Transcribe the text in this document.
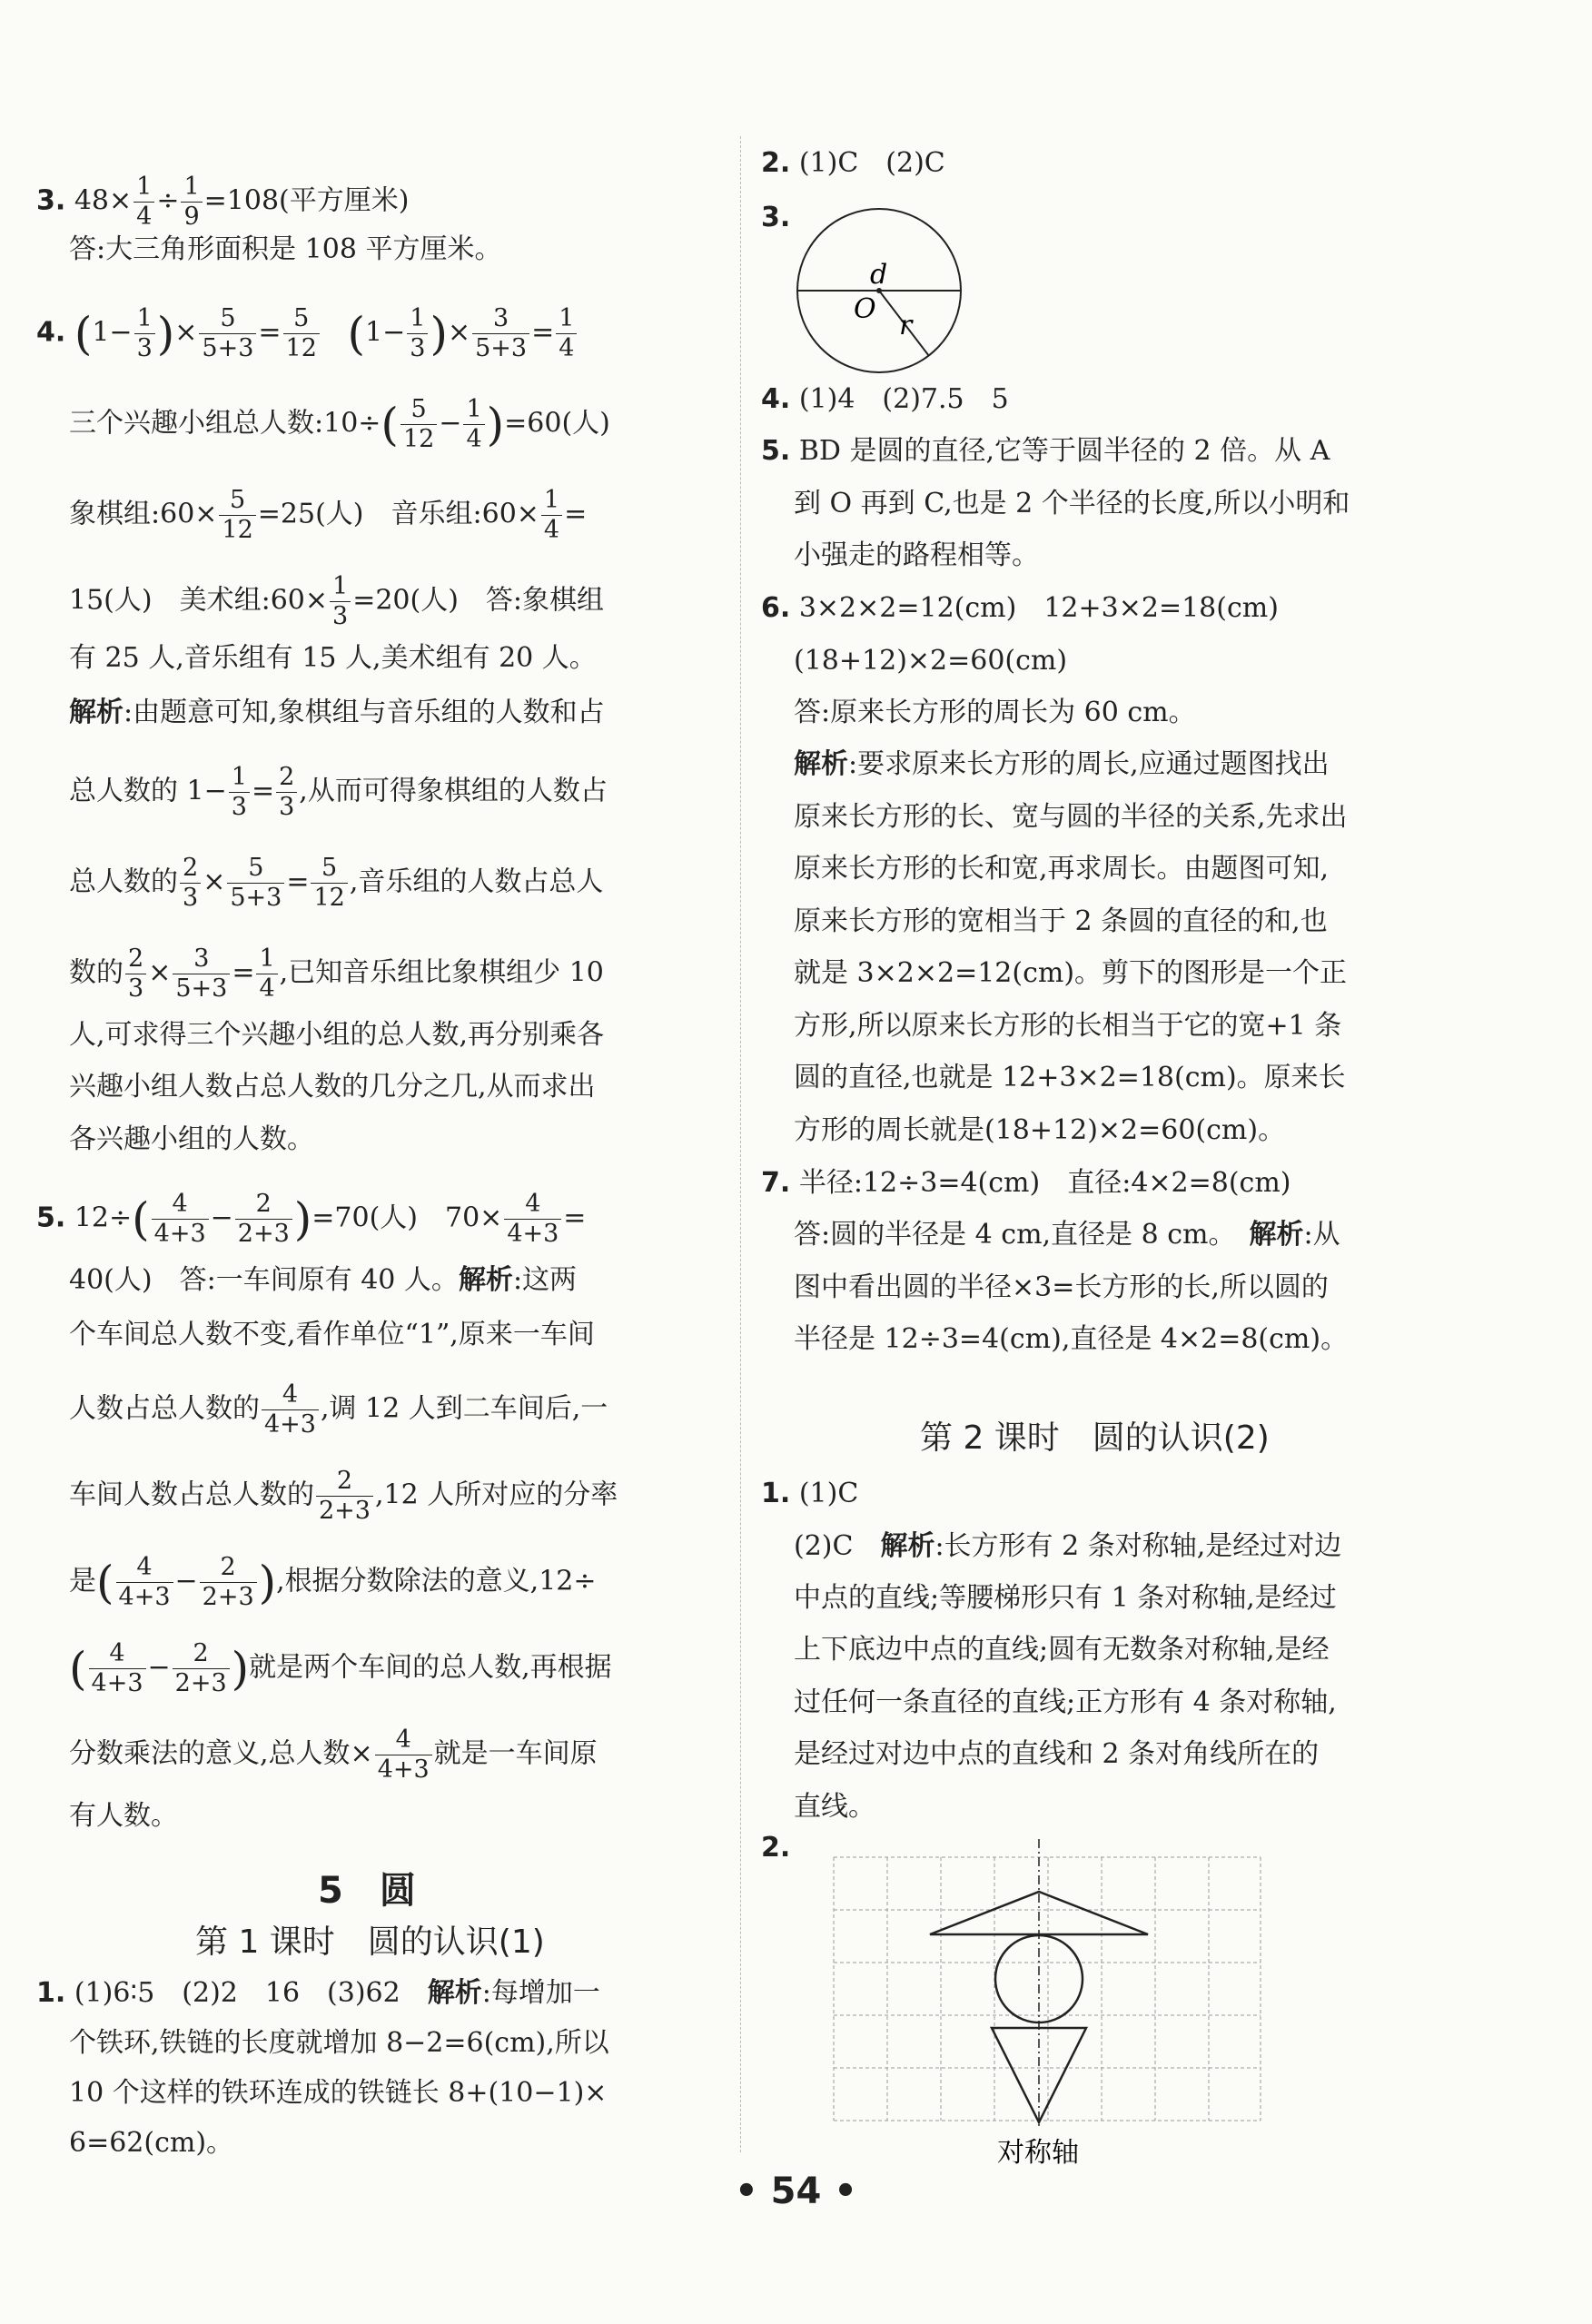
3. $48\times \frac{1}{4} \div \frac{1}{9} =108$(平方厘米)
答:大三角形面积是 108 平方厘米。
4. ($1- \frac{1}{3}$ )× $\frac{5}{5+3} = \frac{5}{12} (1- \frac{1}{3}$ )× $\frac{3}{5+3} = \frac{1}{4}$
三个兴趣小组总人数:10÷( $\frac{5}{12} - \frac{1}{4} )=60$(人)
象棋组:60× $\frac{5}{12} =25$(人)　音乐组:60× $\frac{1}{4}$ =
15(人)　美术组:60× $\frac{1}{3} =20$(人)　答:象棋组
有 25 人,音乐组有 15 人,美术组有 20 人。
解析:由题意可知,象棋组与音乐组的人数和占
总人数的 $1- \frac{1}{3} = \frac{2}{3}$ ,从而可得象棋组的人数占
总人数的 $\frac{2}{3} \times \frac{5}{5+3} = \frac{5}{12}$ ,音乐组的人数占总人
数的 $\frac{2}{3} \times \frac{3}{5+3} = \frac{1}{4}$ ,已知音乐组比象棋组少 10
人,可求得三个兴趣小组的总人数,再分别乘各
兴趣小组人数占总人数的几分之几,从而求出
各兴趣小组的人数。
5. $12\div( \frac{4}{4+3} - \frac{2}{2+3} )=70$(人)　$70\times \frac{4}{4+3}$ =
40(人)　答:一车间原有 40 人。解析:这两
个车间总人数不变,看作单位“1”,原来一车间
人数占总人数的 $\frac{4}{4+3}$ ,调 12 人到二车间后,一
车间人数占总人数的 $\frac{2}{2+3} ,12$ 人所对应的分率
是( $\frac{4}{4+3} - \frac{2}{2+3}$ ),根据分数除法的意义,12÷
( $\frac{4}{4+3} - \frac{2}{2+3}$ )就是两个车间的总人数,再根据
分数乘法的意义,总人数× $\frac{4}{4+3}$ 就是一车间原
有人数。
5　圆
第 1 课时　圆的认识(1)
1. (1)6∶5　(2)2　16　(3)62　解析:每增加一
个铁环,铁链的长度就增加 8−2=6(cm),所以
10 个这样的铁环连成的铁链长 8+(10−1)×
6=62(cm)。
2. (1)C　(2)C
3.
d
O
r
4. (1)4　(2)7.5　5
5. BD 是圆的直径,它等于圆半径的 2 倍。从 A
到 O 再到 C,也是 2 个半径的长度,所以小明和
小强走的路程相等。
6. 3×2×2=12(cm)　12+3×2=18(cm)
(18+12)×2=60(cm)
答:原来长方形的周长为 60 cm。
解析:要求原来长方形的周长,应通过题图找出
原来长方形的长、宽与圆的半径的关系,先求出
原来长方形的长和宽,再求周长。由题图可知,
原来长方形的宽相当于 2 条圆的直径的和,也
就是 3×2×2=12(cm)。剪下的图形是一个正
方形,所以原来长方形的长相当于它的宽+1 条
圆的直径,也就是 12+3×2=18(cm)。原来长
方形的周长就是(18+12)×2=60(cm)。
7. 半径:12÷3=4(cm)　直径:4×2=8(cm)
答:圆的半径是 4 cm,直径是 8 cm。　解析:从
图中看出圆的半径×3=长方形的长,所以圆的
半径是 12÷3=4(cm),直径是 4×2=8(cm)。
第 2 课时　圆的认识(2)
1. (1)C
(2)C　解析:长方形有 2 条对称轴,是经过对边
中点的直线;等腰梯形只有 1 条对称轴,是经过
上下底边中点的直线;圆有无数条对称轴,是经
过任何一条直径的直线;正方形有 4 条对称轴,
是经过对边中点的直线和 2 条对角线所在的
直线。
2.
对称轴
• 54 •
